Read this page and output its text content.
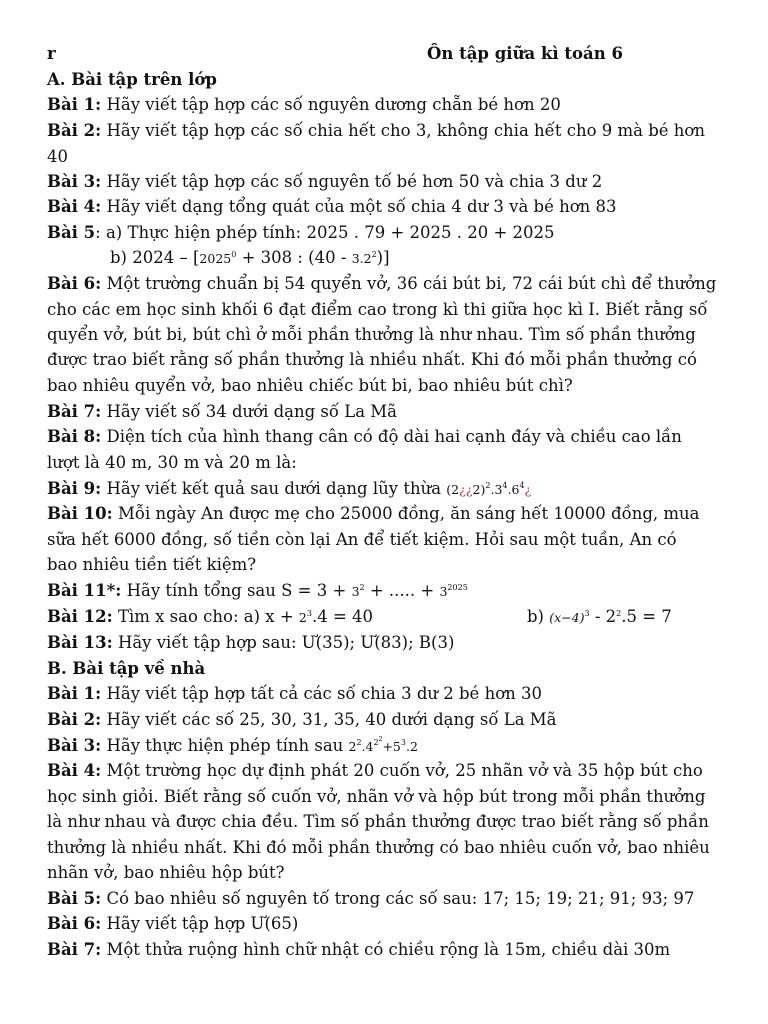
r	Ôn tập giữa kì toán 6
A. Bài tập trên lớp
Bài 1: Hãy viết tập hợp các số nguyên dương chẵn bé hơn 20
Bài 2: Hãy viết tập hợp các số chia hết cho 3, không chia hết cho 9 mà bé hơn
40
Bài 3: Hãy viết tập hợp các số nguyên tố bé hơn 50 và chia 3 dư 2
Bài 4: Hãy viết dạng tổng quát của một số chia 4 dư 3 và bé hơn 83
Bài 5: a) Thực hiện phép tính: 2025 . 79 + 2025 . 20 + 2025
b) $2024 - [2025^0 + 308$ : $(40 - 3.2^2)$]
Bài 6: Một trường chuẩn bị 54 quyển vở, 36 cái bút bi, 72 cái bút chì để thưởng
cho các em học sinh khối 6 đạt điểm cao trong kì thi giữa học kì I. Biết rằng số
quyển vở, bút bi, bút chì ở mỗi phần thưởng là như nhau. Tìm số phần thưởng
được trao biết rằng số phần thưởng là nhiều nhất. Khi đó mỗi phần thưởng có
bao nhiêu quyển vở, bao nhiêu chiếc bút bi, bao nhiêu bút chì?
Bài 7: Hãy viết số 34 dưới dạng số La Mã
Bài 8: Diện tích của hình thang cân có độ dài hai cạnh đáy và chiều cao lần
lượt là 40 m, 30 m và 20 m là:
Bài 9: Hãy viết kết quả sau dưới dạng lũy thừa $(2¿¿2)^2.3^4.6^4¿$
Bài 10: Mỗi ngày An được mẹ cho 25000 đồng, ăn sáng hết 10000 đồng, mua
sữa hết 6000 đồng, số tiền còn lại An để tiết kiệm. Hỏi sau một tuần, An có
bao nhiêu tiền tiết kiệm?
Bài 11*: Hãy tính tổng sau $S = 3 + 3^2$ + ..... + $3^{2025}$
Bài 12: Tìm x sao cho: a) $x + 2^3.4 = 40$	b) $(x-4)^3 - 2^2.5 = 7$
Bài 13: Hãy viết tập hợp sau: Ư(35); Ư(83); B(3)
B. Bài tập về nhà
Bài 1: Hãy viết tập hợp tất cả các số chia 3 dư 2 bé hơn 30
Bài 2: Hãy viết các số 25, 30, 31, 35, 40 dưới dạng số La Mã
Bài 3: Hãy thực hiện phép tính sau $2^2.4^{2^2}+5^3.2$
Bài 4: Một trường học dự định phát 20 cuốn vở, 25 nhãn vở và 35 hộp bút cho
học sinh giỏi. Biết rằng số cuốn vở, nhãn vở và hộp bút trong mỗi phần thưởng
là như nhau và được chia đều. Tìm số phần thưởng được trao biết rằng số phần
thưởng là nhiều nhất. Khi đó mỗi phần thưởng có bao nhiêu cuốn vở, bao nhiêu
nhãn vở, bao nhiêu hộp bút?
Bài 5: Có bao nhiêu số nguyên tố trong các số sau: 17; 15; 19; 21; 91; 93; 97
Bài 6: Hãy viết tập hợp Ư(65)
Bài 7: Một thửa ruộng hình chữ nhật có chiều rộng là 15m, chiều dài 30m
